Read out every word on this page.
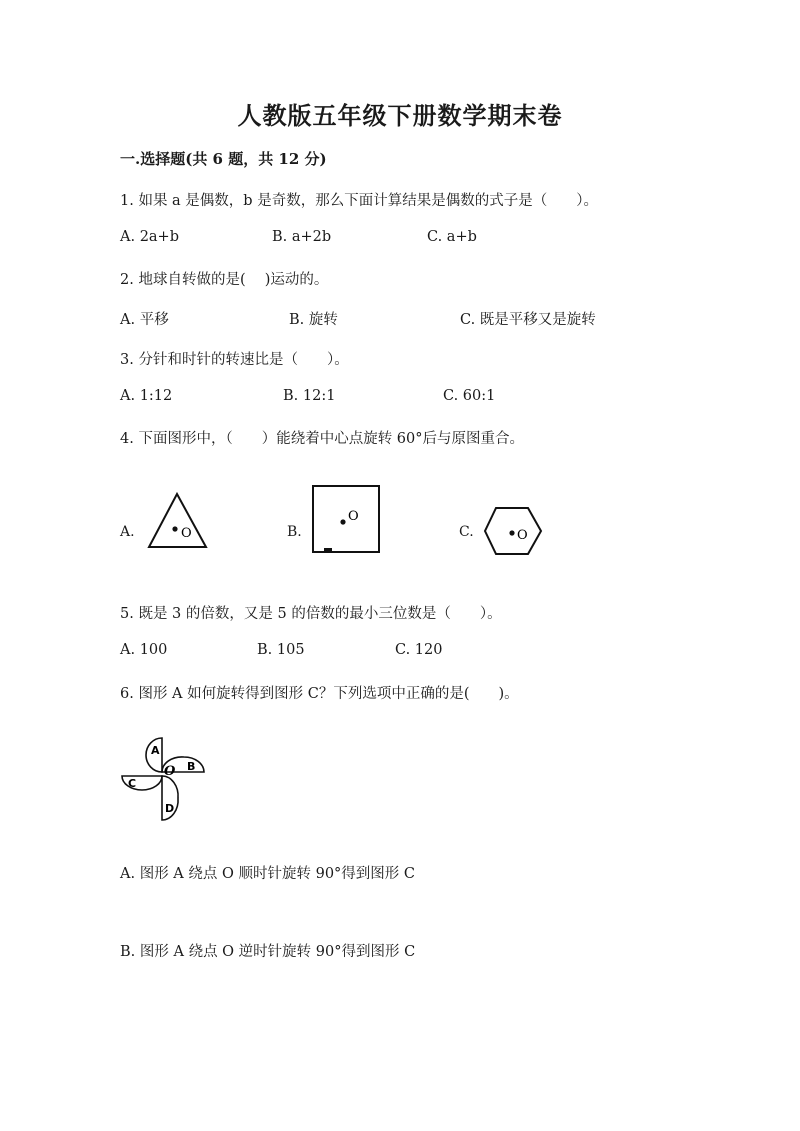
人教版五年级下册数学期末卷
一.选择题(共 6 题，共 12 分)
1. 如果 a 是偶数，b 是奇数，那么下面计算结果是偶数的式子是（　　）。
A. 2a+b	B. a+2b	C. a+b
2. 地球自转做的是(　 )运动的。
A. 平移	B. 旋转	C. 既是平移又是旋转
3. 分针和时针的转速比是（　　）。
A. 1:12	B. 12:1	C. 60:1
4. 下面图形中，（　　）能绕着中心点旋转 60°后与原图重合。
A.	O	B.
O
C.	O
5. 既是 3 的倍数，又是 5 的倍数的最小三位数是（　　）。
A. 100	B. 105	C. 120
6. 图形 A 如何旋转得到图形 C？下列选项中正确的是(　　)。
A
B
C
D
O
A. 图形 A 绕点 O 顺时针旋转 90°得到图形 C
B. 图形 A 绕点 O 逆时针旋转 90°得到图形 C
